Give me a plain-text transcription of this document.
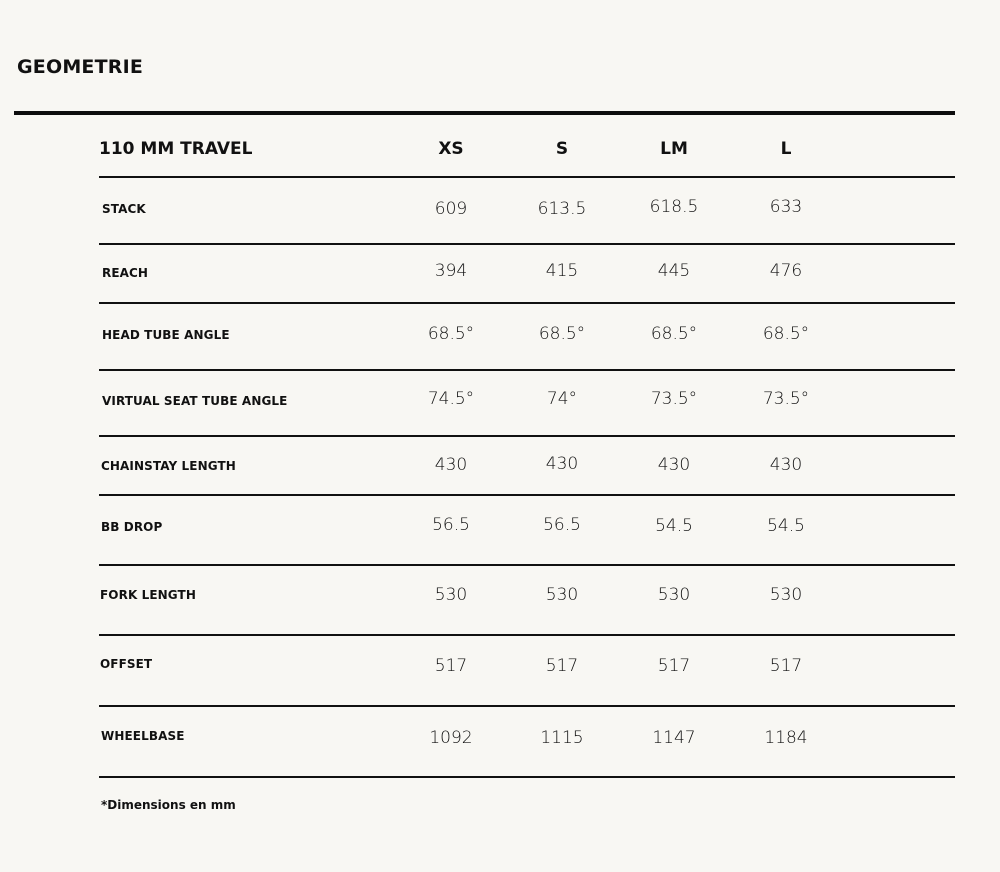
GEOMETRIE
110 MM TRAVEL	XS	S	LM	L
STACK	609	613.5	618.5	633
REACH	394	415	445	476
HEAD TUBE ANGLE	68.5°	68.5°	68.5°	68.5°
VIRTUAL SEAT TUBE ANGLE	74.5°	74°	73.5°	73.5°
CHAINSTAY LENGTH	430	430	430	430
BB DROP	56.5	56.5	54.5	54.5
FORK LENGTH	530	530	530	530
OFFSET	517	517	517	517
WHEELBASE	1092	1115	1147	1184
*Dimensions en mm
